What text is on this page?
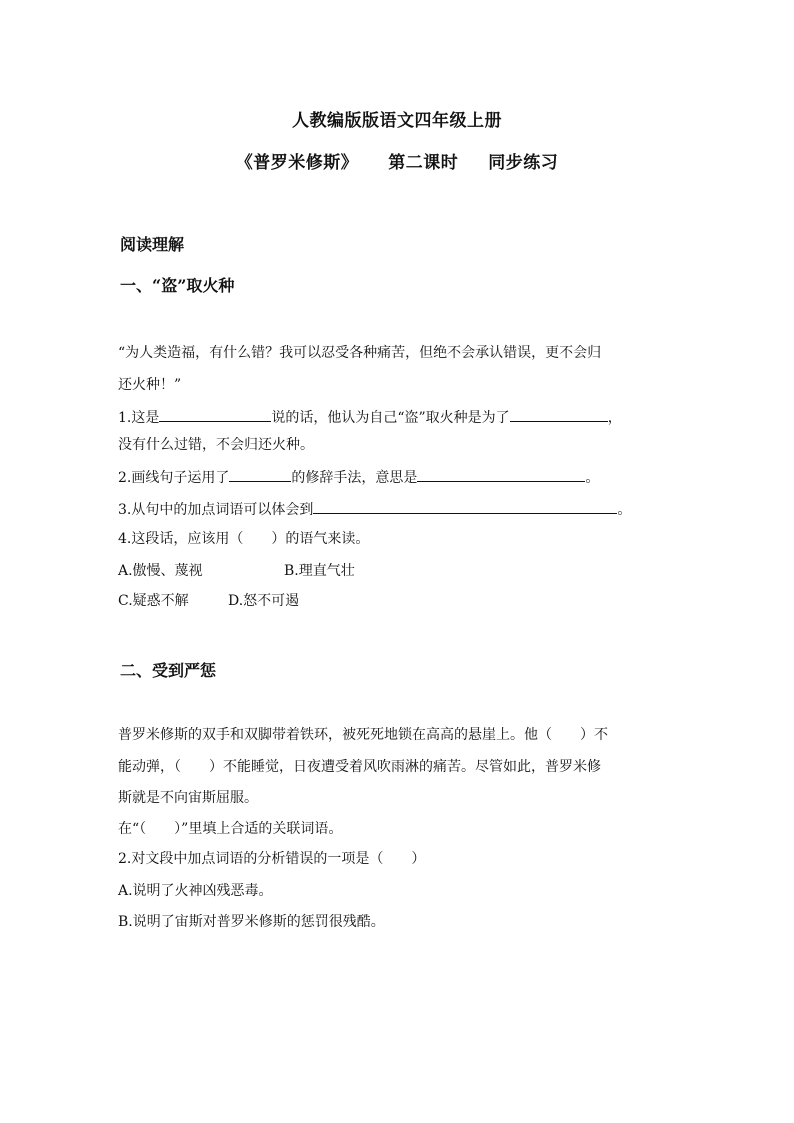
人教编版版语文四年级上册
《普罗米修斯》 第二课时 同步练习
阅读理解
一、“盗”取火种
“为人类造福，有什么错？我可以忍受各种痛苦，但绝不会承认错误，更不会归
还火种！”
1.这是	说的话，他认为自己“盗”取火种是为了	，
没有什么过错，不会归还火种。
2.画线句子运用了	的修辞手法，意思是	。
3.从句中的加点词语可以体会到	。
4.这段话，应该用（　　）的语气来读。
A.傲慢、蔑视	B.理直气壮
C.疑惑不解	D.怒不可遏
二、受到严惩
普罗米修斯的双手和双脚带着铁环，被死死地锁在高高的悬崖上。他（　　）不
能动弹，（　　）不能睡觉，日夜遭受着风吹雨淋的痛苦。尽管如此，普罗米修
斯就是不向宙斯屈服。
在“（　　）”里填上合适的关联词语。
2.对文段中加点词语的分析错误的一项是（　　）
A.说明了火神凶残恶毒。
B.说明了宙斯对普罗米修斯的惩罚很残酷。
